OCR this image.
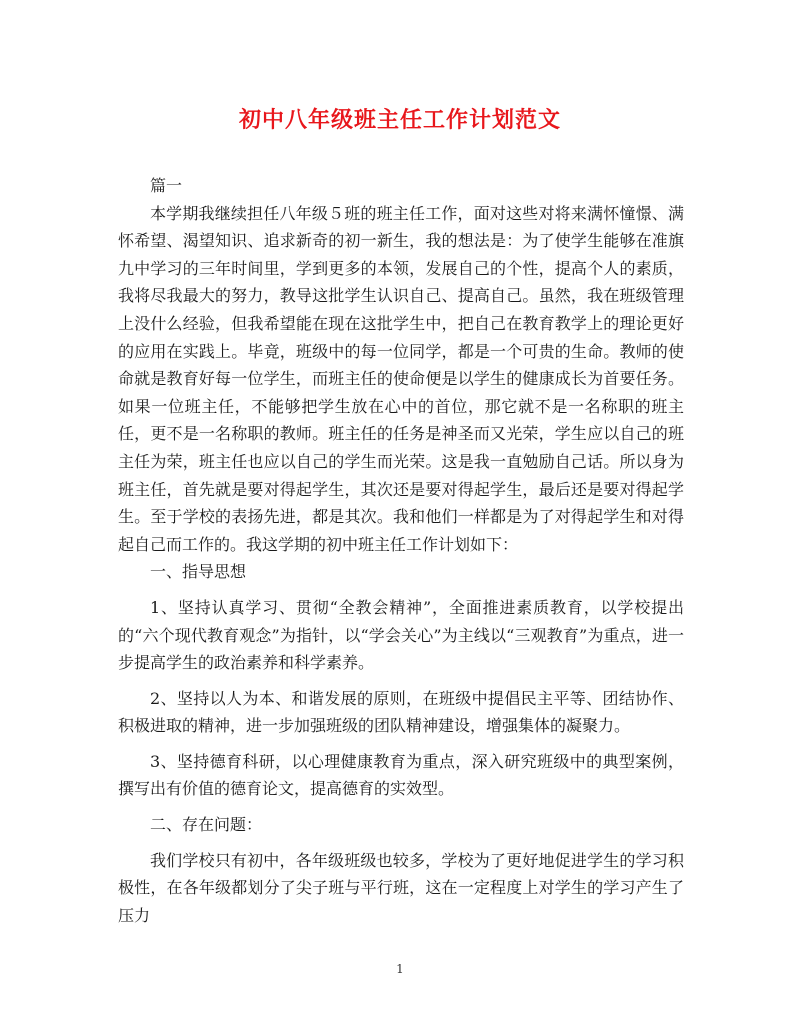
初中八年级班主任工作计划范文

篇一

本学期我继续担任八年级５班的班主任工作，面对这些对将来满怀憧憬、满怀希望、渴望知识、追求新奇的初一新生，我的想法是：为了使学生能够在准旗九中学习的三年时间里，学到更多的本领，发展自己的个性，提高个人的素质，我将尽我最大的努力，教导这批学生认识自己、提高自己。虽然，我在班级管理上没什么经验，但我希望能在现在这批学生中，把自己在教育教学上的理论更好的应用在实践上。毕竟，班级中的每一位同学，都是一个可贵的生命。教师的使命就是教育好每一位学生，而班主任的使命便是以学生的健康成长为首要任务。如果一位班主任，不能够把学生放在心中的首位，那它就不是一名称职的班主任，更不是一名称职的教师。班主任的任务是神圣而又光荣，学生应以自己的班主任为荣，班主任也应以自己的学生而光荣。这是我一直勉励自己话。所以身为班主任，首先就是要对得起学生，其次还是要对得起学生，最后还是要对得起学生。至于学校的表扬先进，都是其次。我和他们一样都是为了对得起学生和对得起自己而工作的。我这学期的初中班主任工作计划如下：

一、指导思想

1、坚持认真学习、贯彻“全教会精神”，全面推进素质教育，以学校提出的“六个现代教育观念”为指针，以“学会关心”为主线以“三观教育”为重点，进一步提高学生的政治素养和科学素养。

2、坚持以人为本、和谐发展的原则，在班级中提倡民主平等、团结协作、积极进取的精神，进一步加强班级的团队精神建设，增强集体的凝聚力。

3、坚持德育科研，以心理健康教育为重点，深入研究班级中的典型案例，撰写出有价值的德育论文，提高德育的实效型。

二、存在问题：

我们学校只有初中，各年级班级也较多，学校为了更好地促进学生的学习积极性，在各年级都划分了尖子班与平行班，这在一定程度上对学生的学习产生了压力

1
